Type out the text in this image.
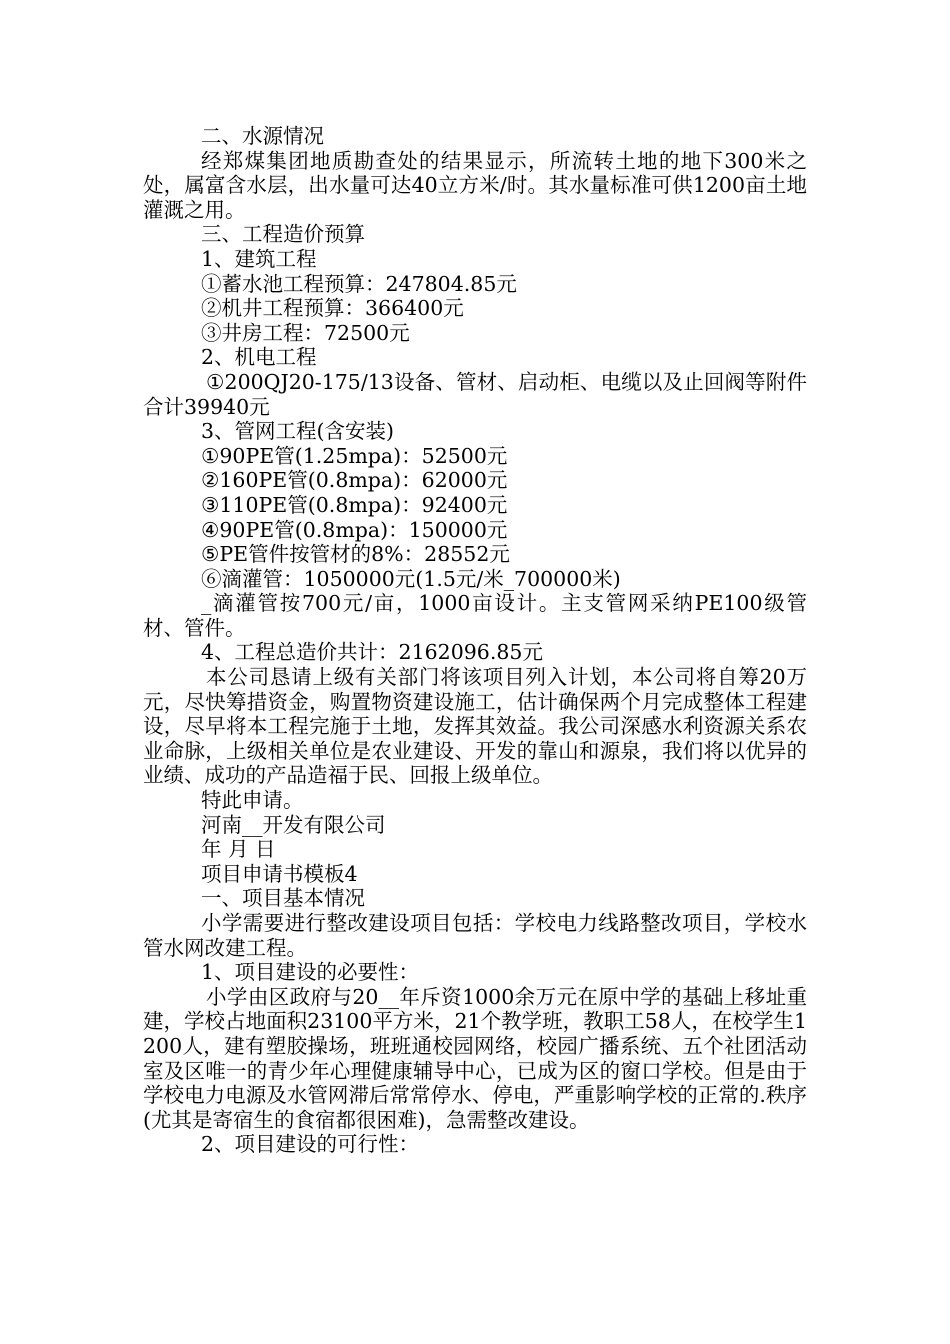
二、水源情况

经郑煤集团地质勘查处的结果显示，所流转土地的地下300米之处，属富含水层，出水量可达40立方米/时。其水量标准可供1200亩土地灌溉之用。

三、工程造价预算

1、建筑工程

①蓄水池工程预算：247804.85元

②机井工程预算：366400元

③井房工程：72500元

2、机电工程

①200QJ20-175/13设备、管材、启动柜、电缆以及止回阀等附件合计39940元

3、管网工程(含安装)

①90PE管(1.25mpa)：52500元

②160PE管(0.8mpa)：62000元

③110PE管(0.8mpa)：92400元

④90PE管(0.8mpa)：150000元

⑤PE管件按管材的8%：28552元

⑥滴灌管：1050000元(1.5元/米_700000米)

_滴灌管按700元/亩，1000亩设计。主支管网采纳PE100级管材、管件。

4、工程总造价共计：2162096.85元

本公司恳请上级有关部门将该项目列入计划，本公司将自筹20万元，尽快筹措资金，购置物资建设施工，估计确保两个月完成整体工程建设，尽早将本工程完施于土地，发挥其效益。我公司深感水利资源关系农业命脉，上级相关单位是农业建设、开发的靠山和源泉，我们将以优异的业绩、成功的产品造福于民、回报上级单位。

特此申请。

河南__开发有限公司

年 月 日

项目申请书模板4

一、项目基本情况

小学需要进行整改建设项目包括：学校电力线路整改项目，学校水管水网改建工程。

1、项目建设的必要性：

小学由区政府与20__年斥资1000余万元在原中学的基础上移址重建，学校占地面积23100平方米，21个教学班，教职工58人，在校学生1200人，建有塑胶操场，班班通校园网络，校园广播系统、五个社团活动室及区唯一的青少年心理健康辅导中心，已成为区的窗口学校。但是由于学校电力电源及水管网滞后常常停水、停电，严重影响学校的正常的.秩序(尤其是寄宿生的食宿都很困难)，急需整改建设。

2、项目建设的可行性：
